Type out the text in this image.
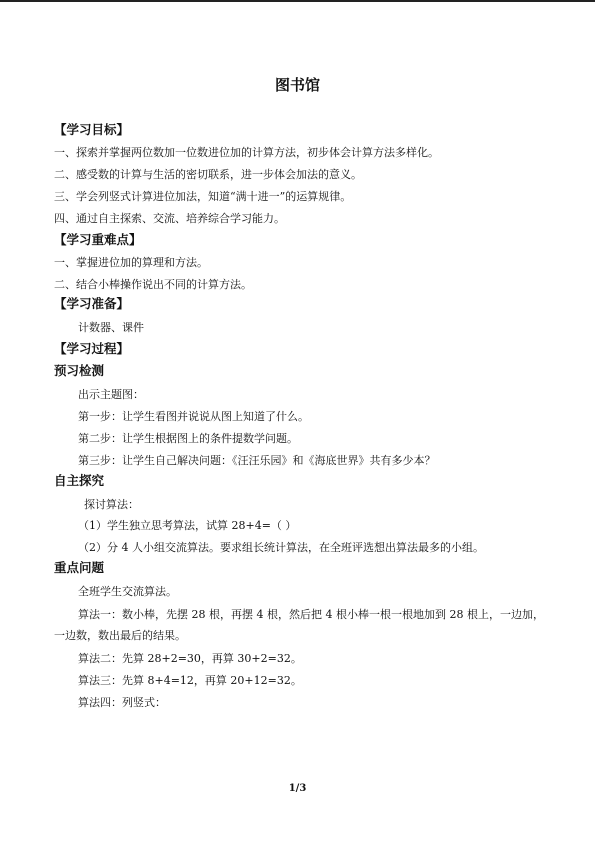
图书馆
【学习目标】
一、探索并掌握两位数加一位数进位加的计算方法，初步体会计算方法多样化。
二、感受数的计算与生活的密切联系，进一步体会加法的意义。
三、学会列竖式计算进位加法，知道“满十进一”的运算规律。
四、通过自主探索、交流、培养综合学习能力。
【学习重难点】
一、掌握进位加的算理和方法。
二、结合小棒操作说出不同的计算方法。
【学习准备】
计数器、课件
【学习过程】
预习检测
出示主题图：
第一步：让学生看图并说说从图上知道了什么。
第二步：让学生根据图上的条件提数学问题。
第三步：让学生自己解决问题：《汪汪乐园》和《海底世界》共有多少本？
自主探究
探讨算法：
（1）学生独立思考算法，试算 28+4=（ ）
（2）分 4 人小组交流算法。要求组长统计算法，在全班评选想出算法最多的小组。
重点问题
全班学生交流算法。
算法一：数小棒，先摆 28 根，再摆 4 根，然后把 4 根小棒一根一根地加到 28 根上，一边加，一边数，数出最后的结果。
算法二：先算 28+2=30，再算 30+2=32。
算法三：先算 8+4=12，再算 20+12=32。
算法四：列竖式：
1/3
